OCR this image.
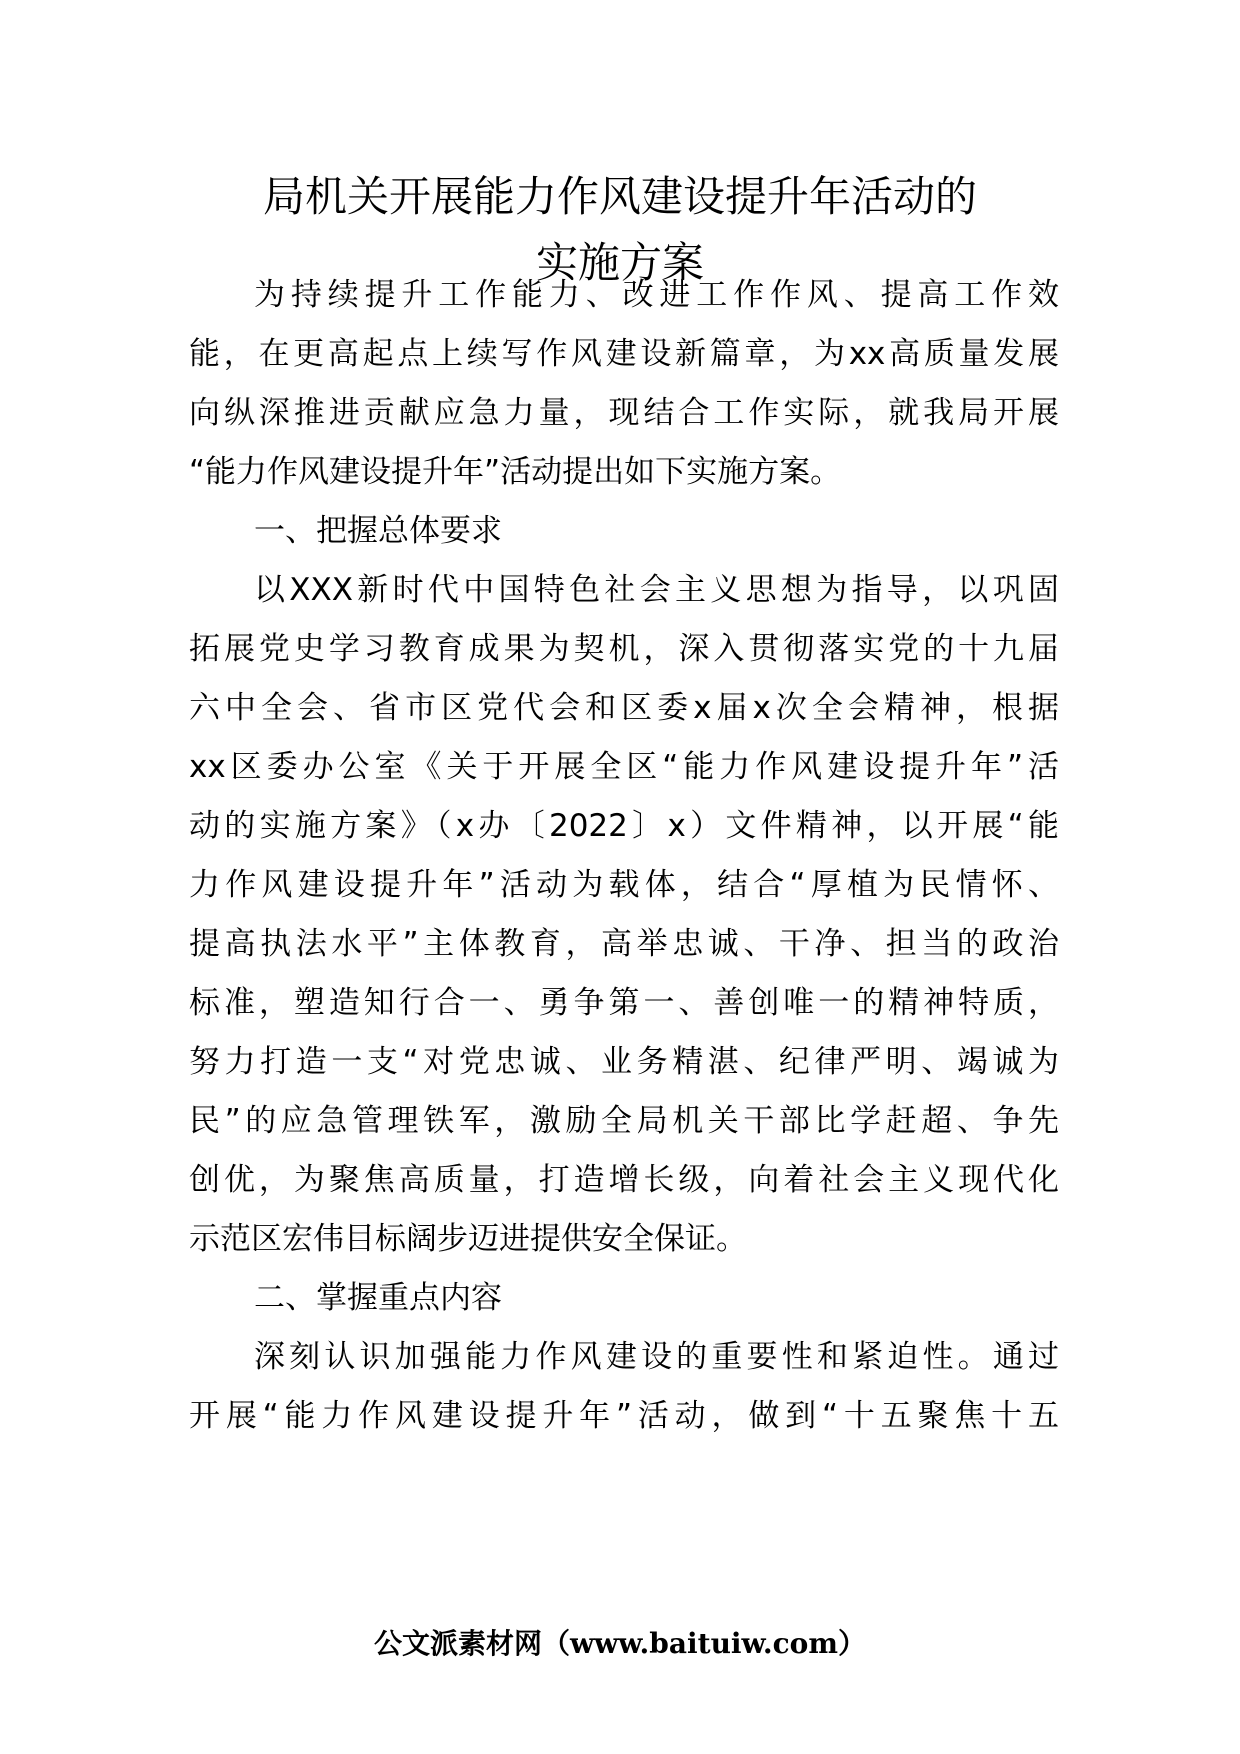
局机关开展能力作风建设提升年活动的
实施方案
为持续提升工作能力、改进工作作风、提高工作效
能，在更高起点上续写作风建设新篇章，为xx高质量发展
向纵深推进贡献应急力量，现结合工作实际，就我局开展
“能力作风建设提升年”活动提出如下实施方案。
一、把握总体要求
以XXX新时代中国特色社会主义思想为指导，以巩固
拓展党史学习教育成果为契机，深入贯彻落实党的十九届
六中全会、省市区党代会和区委x届x次全会精神，根据
xx区委办公室《关于开展全区“能力作风建设提升年”活
动的实施方案》（x办〔2022〕x）文件精神，以开展“能
力作风建设提升年”活动为载体，结合“厚植为民情怀、
提高执法水平”主体教育，高举忠诚、干净、担当的政治
标准，塑造知行合一、勇争第一、善创唯一的精神特质，
努力打造一支“对党忠诚、业务精湛、纪律严明、竭诚为
民”的应急管理铁军，激励全局机关干部比学赶超、争先
创优，为聚焦高质量，打造增长级，向着社会主义现代化
示范区宏伟目标阔步迈进提供安全保证。
二、掌握重点内容
深刻认识加强能力作风建设的重要性和紧迫性。通过
开展“能力作风建设提升年”活动，做到“十五聚焦十五
公文派素材网（www.baituiw.com）
